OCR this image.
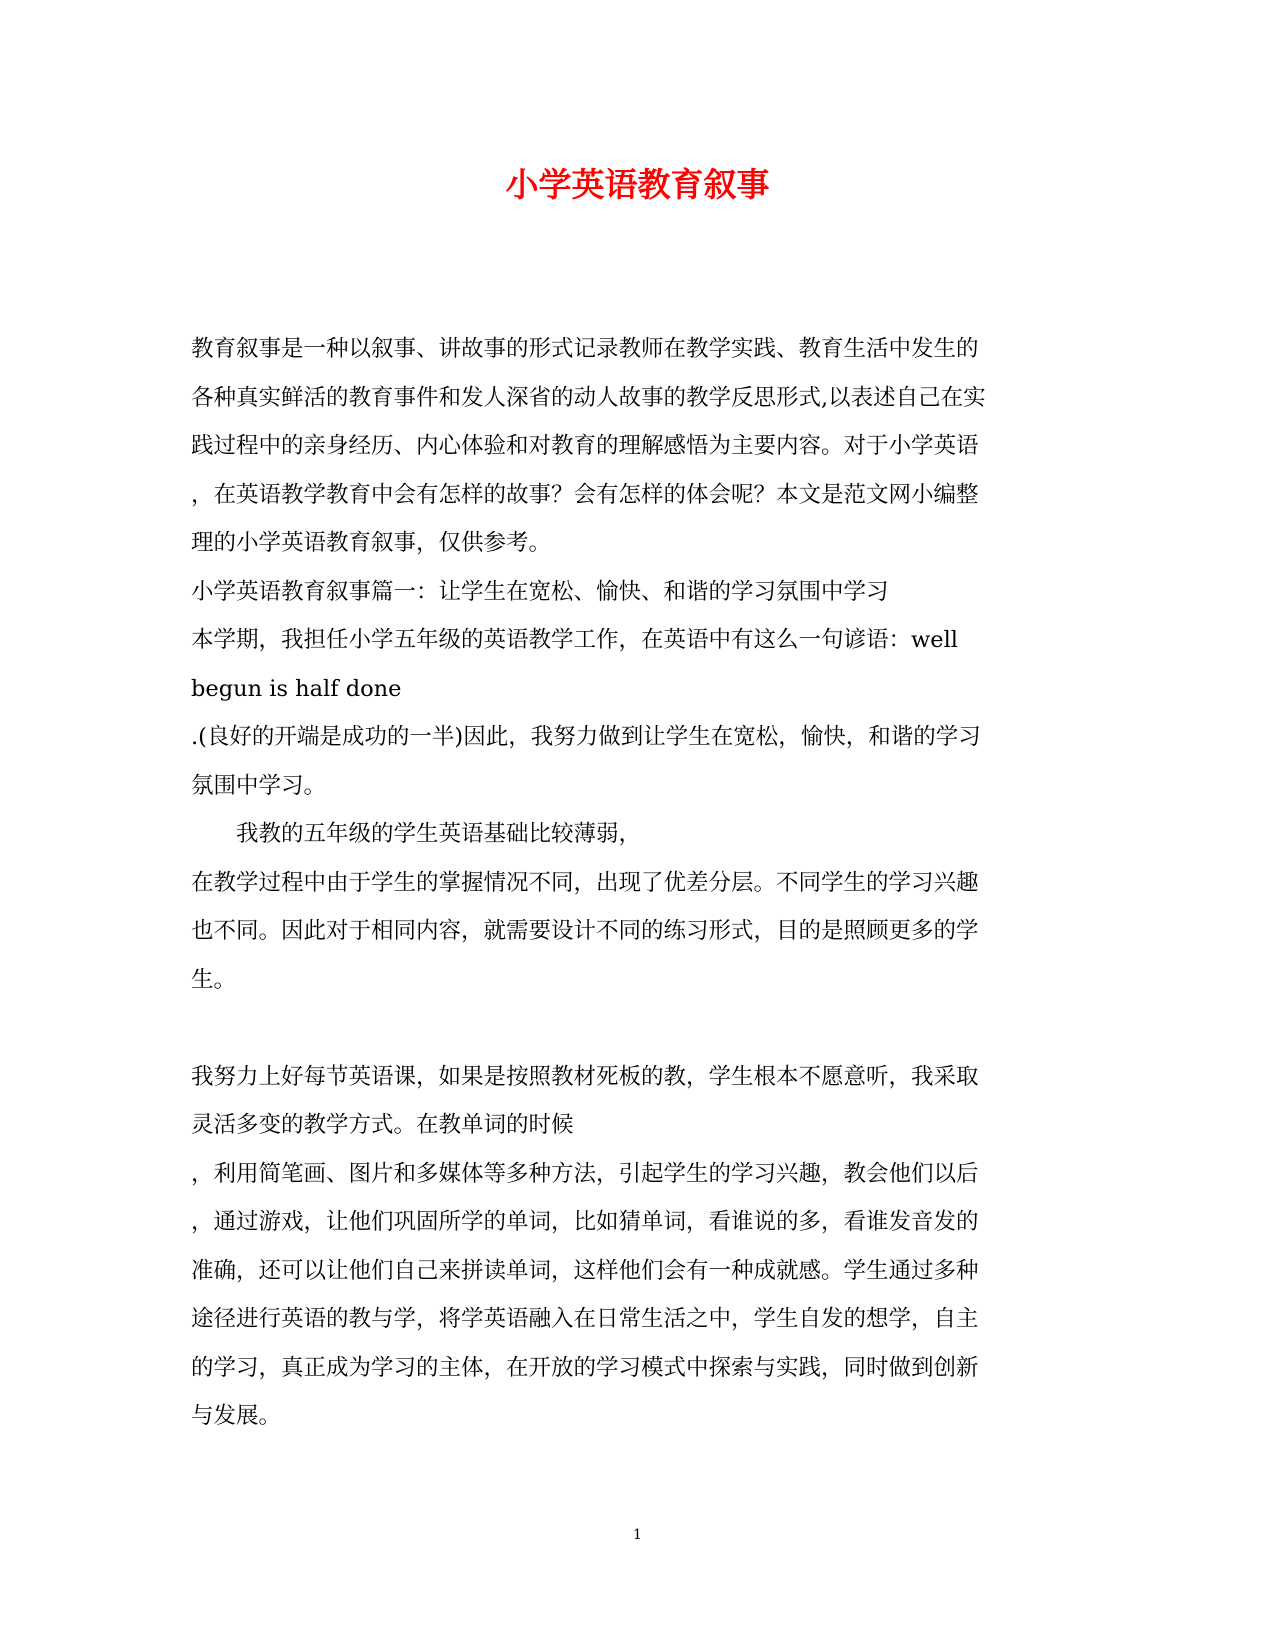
小学英语教育叙事
教育叙事是一种以叙事、讲故事的形式记录教师在教学实践、教育生活中发生的
各种真实鲜活的教育事件和发人深省的动人故事的教学反思形式,以表述自己在实
践过程中的亲身经历、内心体验和对教育的理解感悟为主要内容。对于小学英语
，在英语教学教育中会有怎样的故事？会有怎样的体会呢？本文是范文网小编整
理的小学英语教育叙事，仅供参考。
小学英语教育叙事篇一：让学生在宽松、愉快、和谐的学习氛围中学习
本学期，我担任小学五年级的英语教学工作，在英语中有这么一句谚语：well
begun is half done
.(良好的开端是成功的一半)因此，我努力做到让学生在宽松，愉快，和谐的学习
氛围中学习。
　　我教的五年级的学生英语基础比较薄弱，
在教学过程中由于学生的掌握情况不同，出现了优差分层。不同学生的学习兴趣
也不同。因此对于相同内容，就需要设计不同的练习形式，目的是照顾更多的学
生。
我努力上好每节英语课，如果是按照教材死板的教，学生根本不愿意听，我采取
灵活多变的教学方式。在教单词的时候
，利用简笔画、图片和多媒体等多种方法，引起学生的学习兴趣，教会他们以后
，通过游戏，让他们巩固所学的单词，比如猜单词，看谁说的多，看谁发音发的
准确，还可以让他们自己来拼读单词，这样他们会有一种成就感。学生通过多种
途径进行英语的教与学，将学英语融入在日常生活之中，学生自发的想学，自主
的学习，真正成为学习的主体，在开放的学习模式中探索与实践，同时做到创新
与发展。
1
